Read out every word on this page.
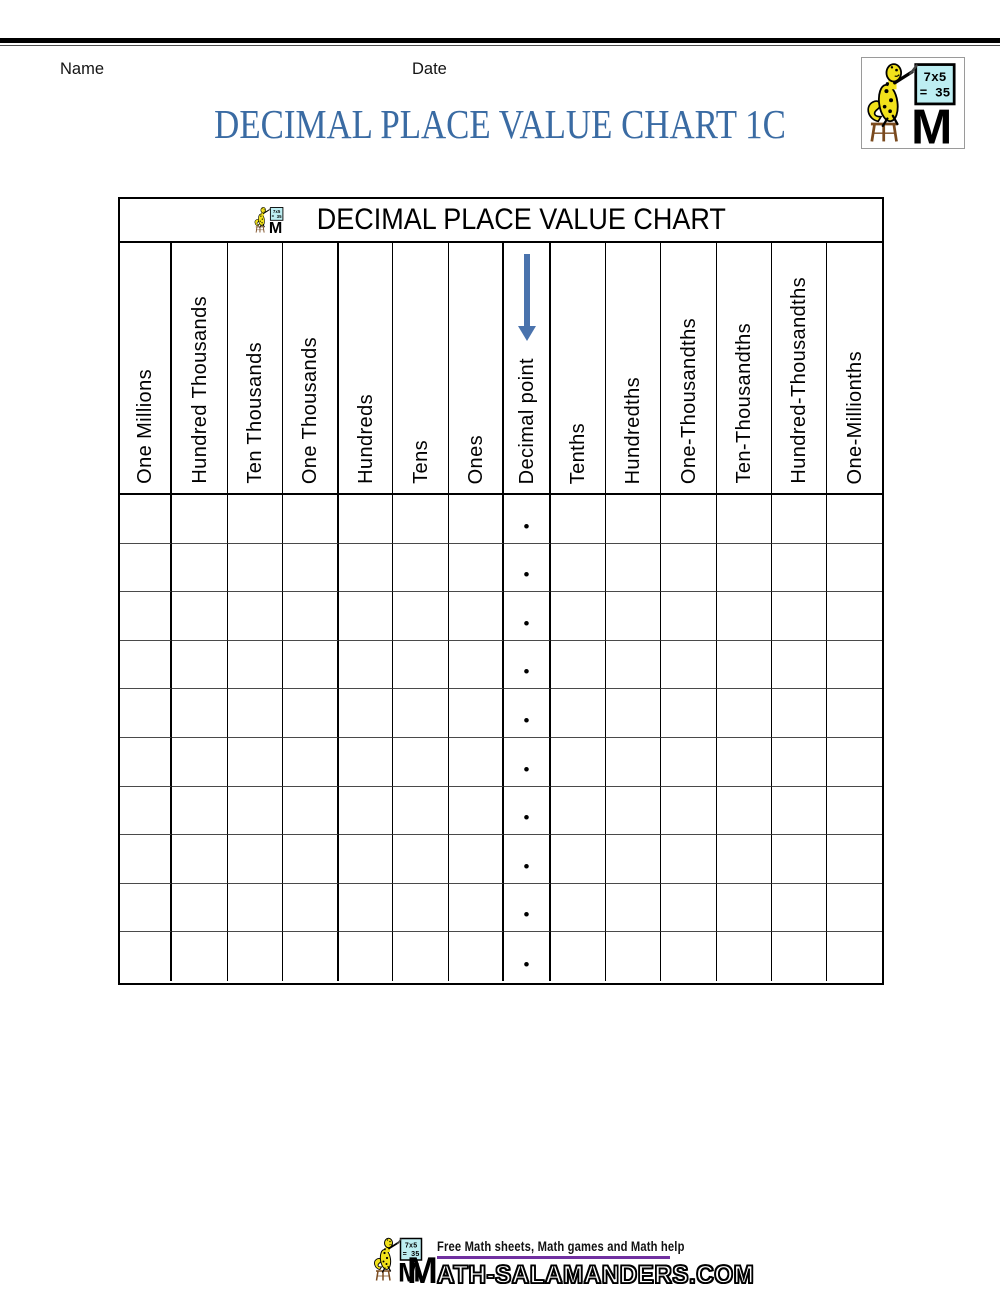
Name	Date
DECIMAL PLACE VALUE CHART 1C
DECIMAL PLACE VALUE CHART
One Millions Hundred Thousands Ten Thousands One Thousands Hundreds Tens Ones Decimal point Tenths Hundredths One-Thousandths Ten-Thousandths Hundred-Thousandths One-Millionths
•
•
•
•
•
•
•
•
•
•
Free Math sheets, Math games and Math help
M ATH-SALAMANDERS.COM
